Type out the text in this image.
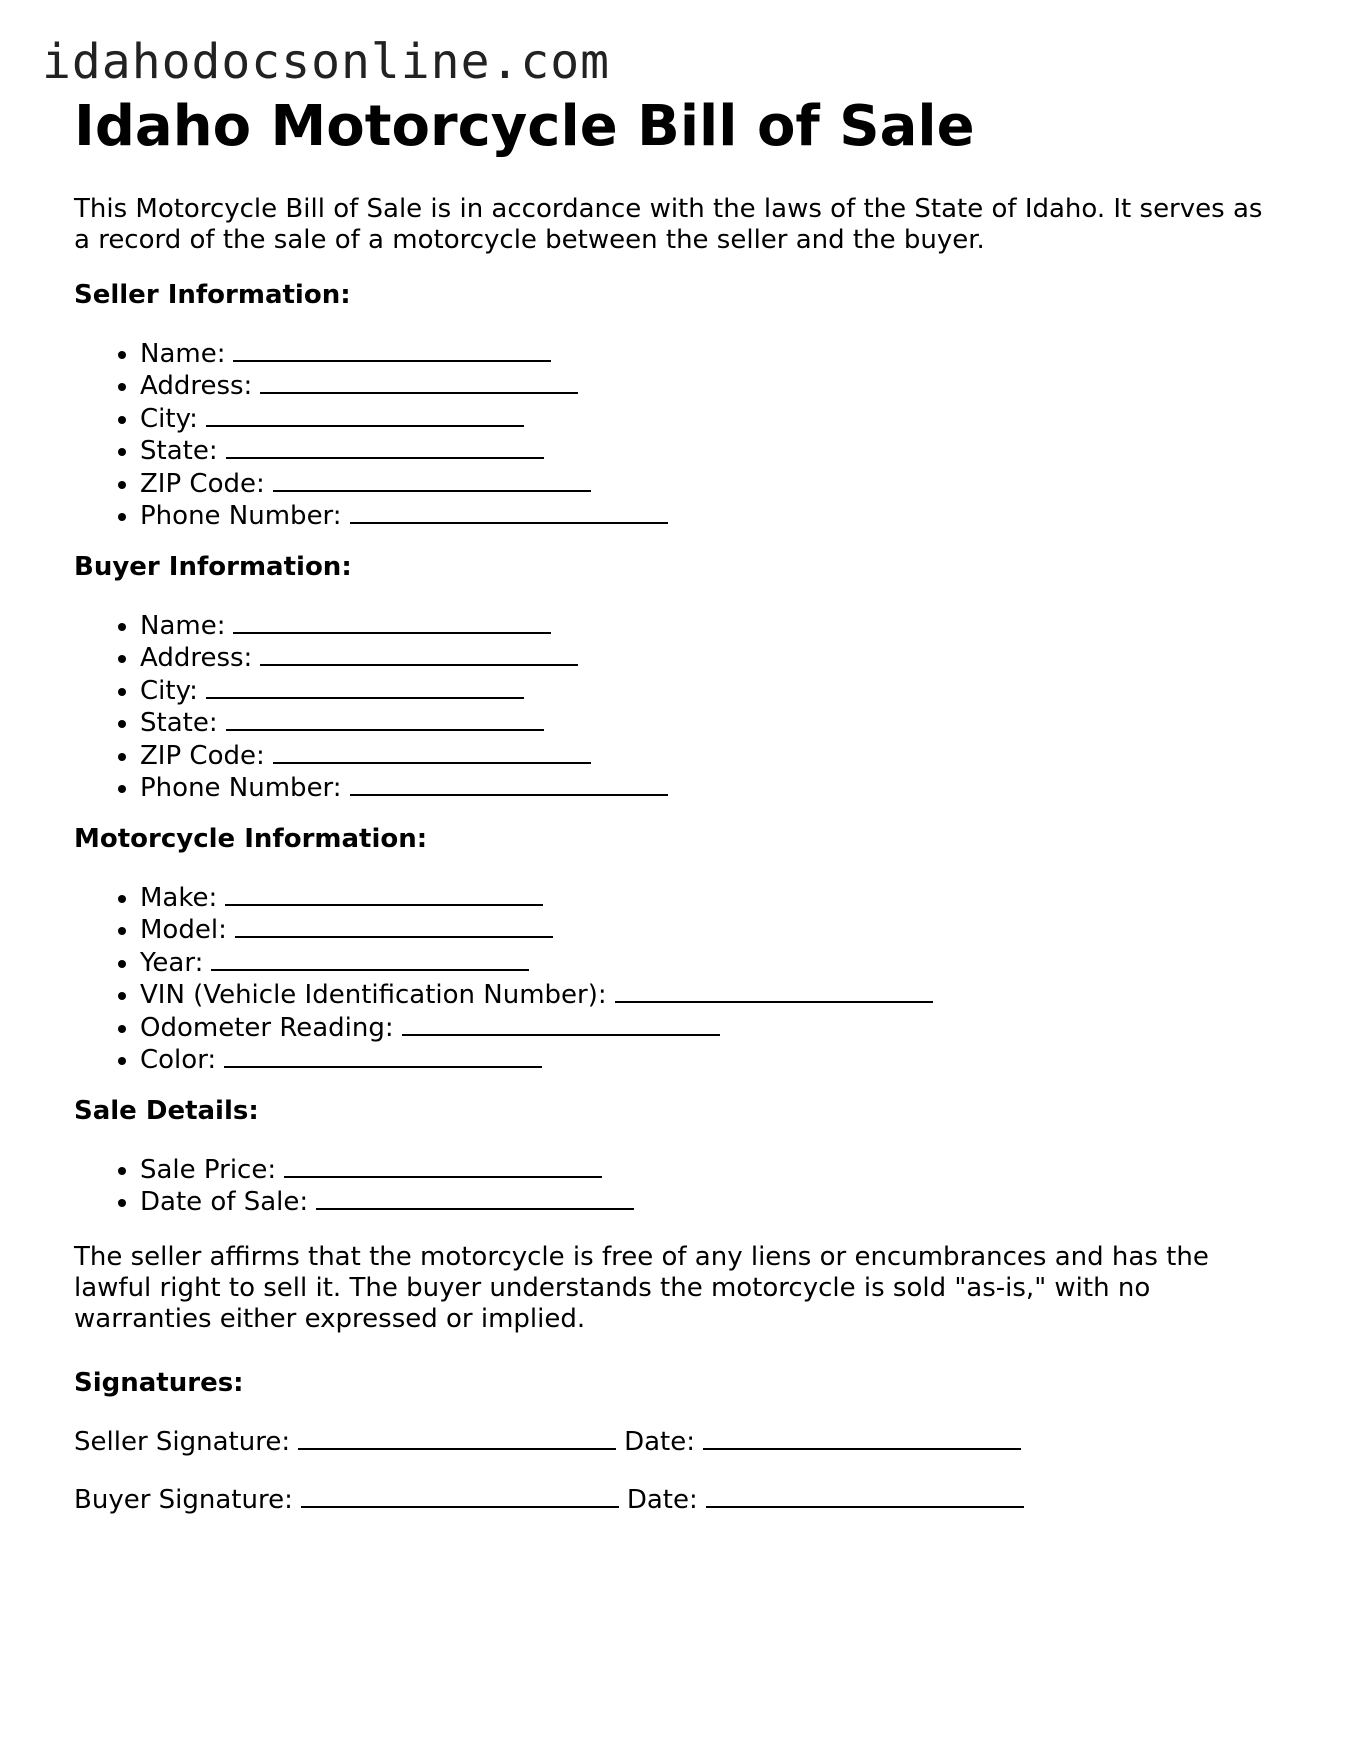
idahodocsonline.com
Idaho Motorcycle Bill of Sale

This Motorcycle Bill of Sale is in accordance with the laws of the State of Idaho. It serves as a record of the sale of a motorcycle between the seller and the buyer.

Seller Information:
• Name:
• Address:
• City:
• State:
• ZIP Code:
• Phone Number:
Buyer Information:
• Name:
• Address:
• City:
• State:
• ZIP Code:
• Phone Number:
Motorcycle Information:
• Make:
• Model:
• Year:
• VIN (Vehicle Identification Number):
• Odometer Reading:
• Color:
Sale Details:
• Sale Price:
• Date of Sale:

The seller affirms that the motorcycle is free of any liens or encumbrances and has the lawful right to sell it. The buyer understands the motorcycle is sold "as-is," with no warranties either expressed or implied.

Signatures:
Seller Signature:	Date:
Buyer Signature:	Date:
